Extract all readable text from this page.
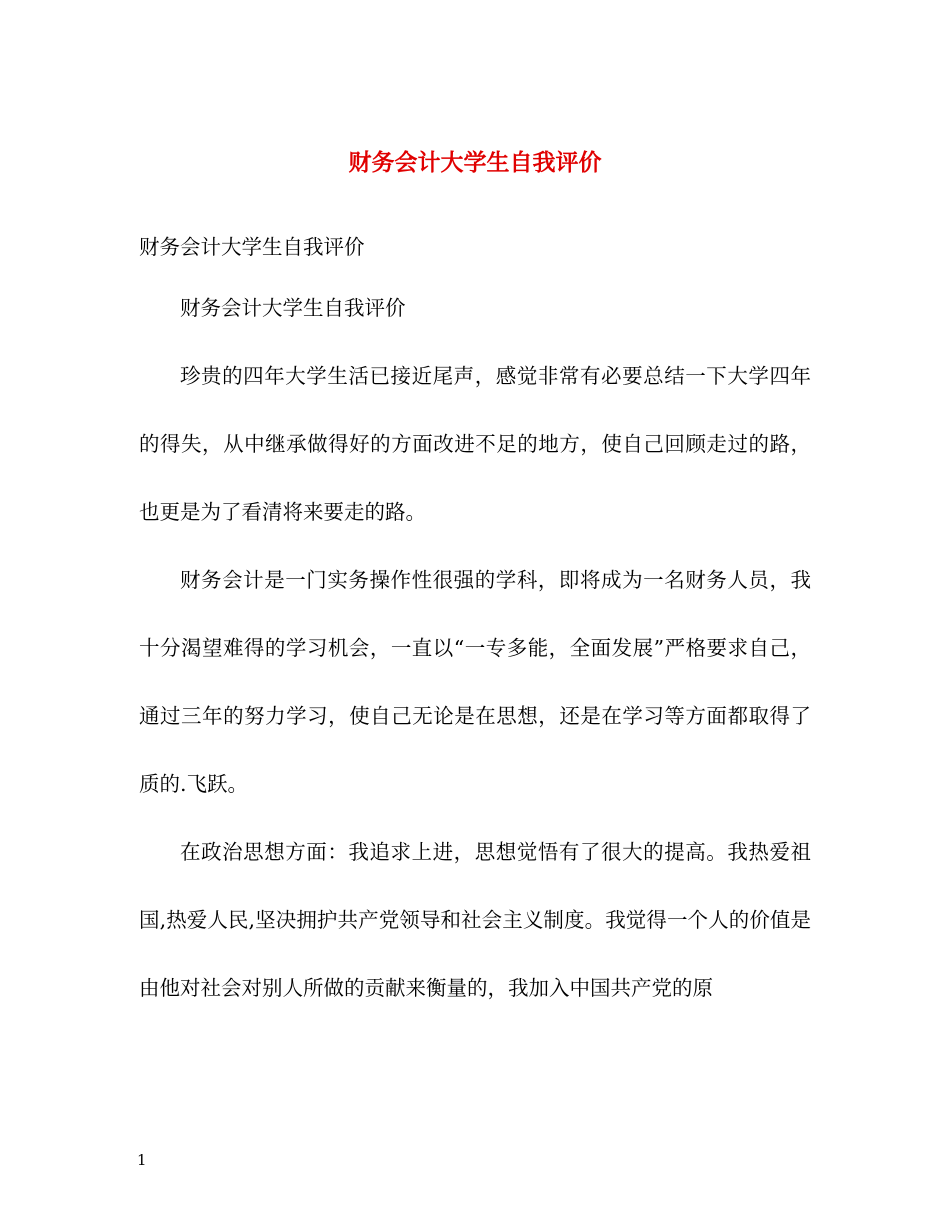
财务会计大学生自我评价

财务会计大学生自我评价

财务会计大学生自我评价

珍贵的四年大学生活已接近尾声，感觉非常有必要总结一下大学四年的得失，从中继承做得好的方面改进不足的地方，使自己回顾走过的路，也更是为了看清将来要走的路。

财务会计是一门实务操作性很强的学科，即将成为一名财务人员，我十分渴望难得的学习机会，一直以“一专多能，全面发展”严格要求自己，通过三年的努力学习，使自己无论是在思想，还是在学习等方面都取得了质的.飞跃。

在政治思想方面：我追求上进，思想觉悟有了很大的提高。我热爱祖国,热爱人民,坚决拥护共产党领导和社会主义制度。我觉得一个人的价值是由他对社会对别人所做的贡献来衡量的，我加入中国共产党的原

1
